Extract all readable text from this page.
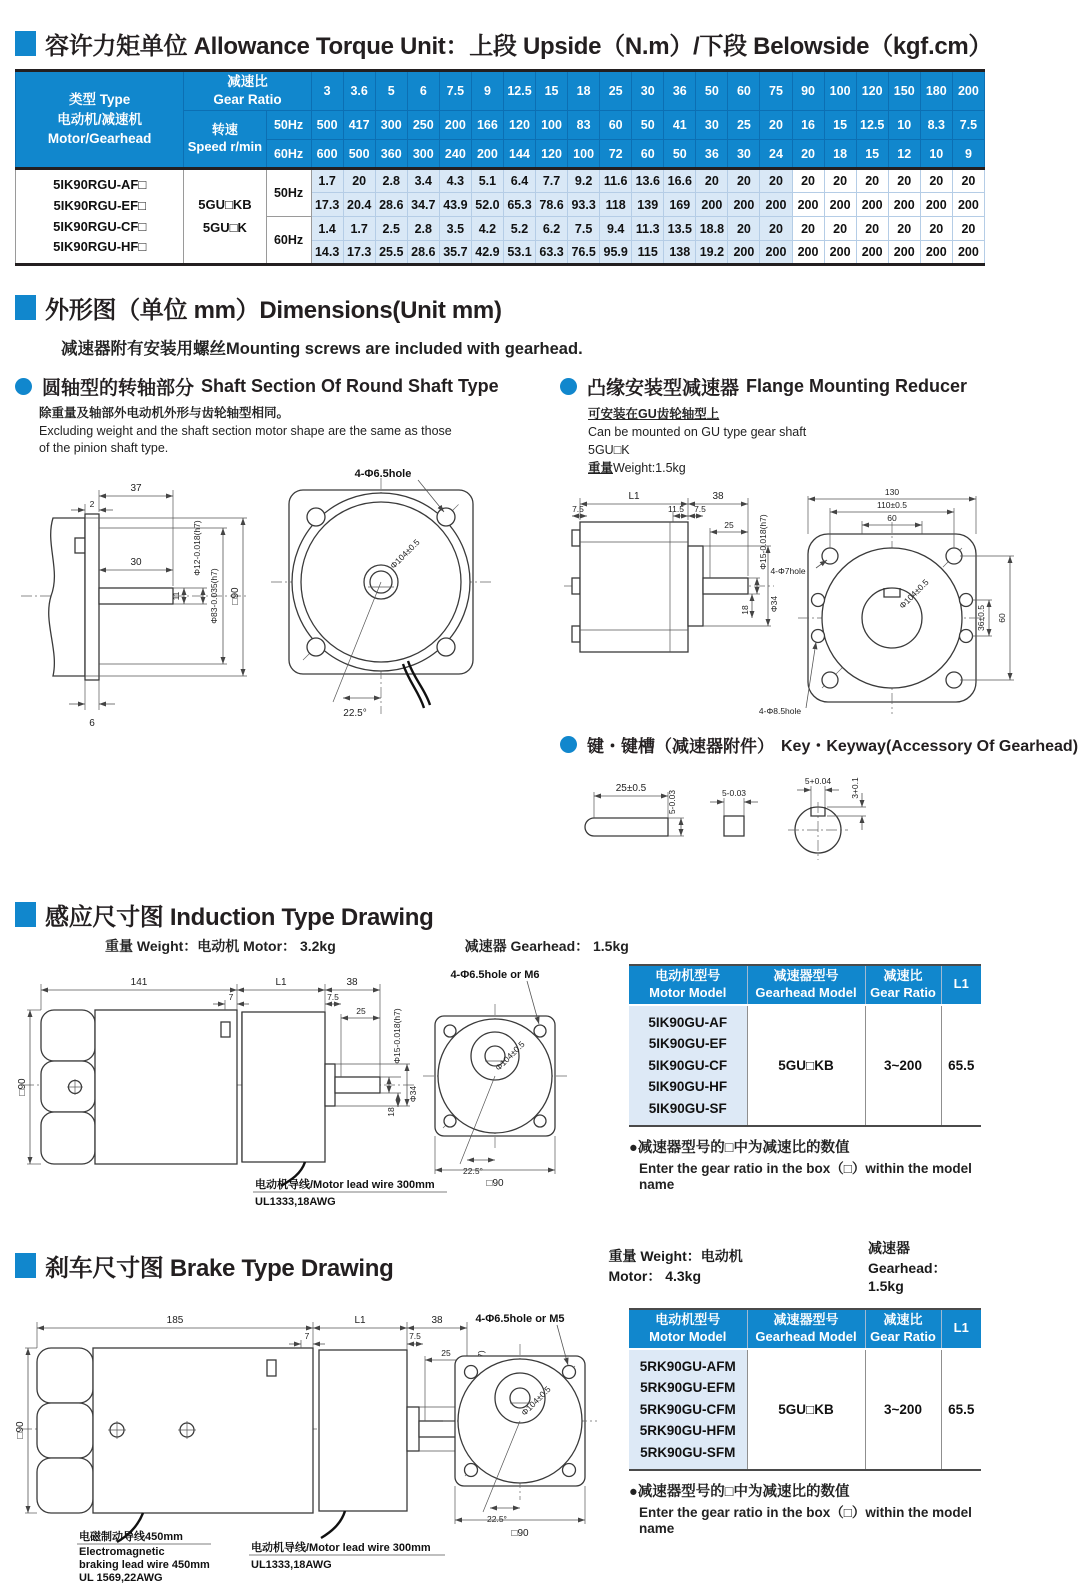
容许力矩单位 Allowance Torque Unit：上段 Upside（N.m）/下段 Belowside（kgf.cm）
类型 Type
电动机/减速机
Motor/Gearhead	减速比
Gear Ratio		3	3.6	5	6	7.5	9	12.5	15	18	25	30	36	50	60	75	90	100	120	150	180	200
	转速
Speed r/min	50Hz	500	417	300	250	200	166	120	100	83	60	50	41	30	25	20	16	15	12.5	10	8.3	7.5
		60Hz	600	500	360	300	240	200	144	120	100	72	60	50	36	30	24	20	18	15	12	10	9
5IK90RGU-AF□
5IK90RGU-EF□
5IK90RGU-CF□
5IK90RGU-HF□	5GU□KB
5GU□K	50Hz	1.7	20	2.8	3.4	4.3	5.1	6.4	7.7	9.2	11.6	13.6	16.6	20	20	20	20	20	20	20	20	20
			17.3	20.4	28.6	34.7	43.9	52.0	65.3	78.6	93.3	118	139	169	200	200	200	200	200	200	200	200	200
		60Hz	1.4	1.7	2.5	2.8	3.5	4.2	5.2	6.2	7.5	9.4	11.3	13.5	18.8	20	20	20	20	20	20	20	20
			14.3	17.3	25.5	28.6	35.7	42.9	53.1	63.3	76.5	95.9	115	138	19.2	200	200	200	200	200	200	200	200
外形图（单位 mm）Dimensions(Unit mm)
减速器附有安装用螺丝Mounting screws are included with gearhead.
圆轴型的转轴部分 Shaft Section Of Round Shaft Type
除重量及轴部外电动机外形与齿轮轴型相同。
Excluding weight and the shaft section motor shape are the same as those
of the pinion shaft type.
37
2
30
11
Φ12-0.018(h7)
Φ83-0.035(h7) □90
6
4-Φ6.5hole
Φ104±0.5
22.5°
凸缘安装型减速器 Flange Mounting Reducer
可安装在GU齿轮轴型上
Can be mounted on GU type gear shaft
5GU□K
重量Weight:1.5kg
L1	38
7.5	11.5 7.5
25	Φ15-0.018(h7)
Φ34
18
130
110±0.5
60
4-Φ7hole
4-Φ8.5hole
Φ104±0.5
36±0.5 60
键・键槽（减速器附件） Key・Keyway(Accessory Of Gearhead)
25±0.5
5-0.03	5-0.03
5+0.04 3+0.1
感应尺寸图 Induction Type Drawing
重量 Weight：电动机 Motor： 3.2kg	减速器 Gearhead： 1.5kg
141	L1	38
7	7.5
25	Φ15-0.018(h7)
Φ34
18
□90
电动机导线/Motor lead wire 300mm
UL1333,18AWG
4-Φ6.5hole or M6
Φ104±0.5
22.5°
□90
电动机型号
Motor Model	减速器型号
Gearhead Model	减速比
Gear Ratio	L1

5IK90GU-AF
5IK90GU-EF
5IK90GU-CF
5IK90GU-HF
5IK90GU-SF	5GU□KB	3~200	65.5
●减速器型号的□中为减速比的数值
Enter the gear ratio in the box（□）within the model name
刹车尺寸图 Brake Type Drawing	重量 Weight：电动机 Motor： 4.3kg
减速器 Gearhead： 1.5kg
185	L1	38
7	7.5
25
□90
电磁制动导线450mm
Electromagnetic
braking lead wire 450mm
UL 1569,22AWG
电动机导线/Motor lead wire 300mm
UL1333,18AWG
4-Φ6.5hole or M5
Φ104±0.5
22.5°
□90
电动机型号
Motor Model	减速器型号
Gearhead Model	减速比
Gear Ratio	L1

5RK90GU-AFM
5RK90GU-EFM
5RK90GU-CFM
5RK90GU-HFM
5RK90GU-SFM	5GU□KB	3~200	65.5
●减速器型号的□中为减速比的数值
Enter the gear ratio in the box（□）within the model name
